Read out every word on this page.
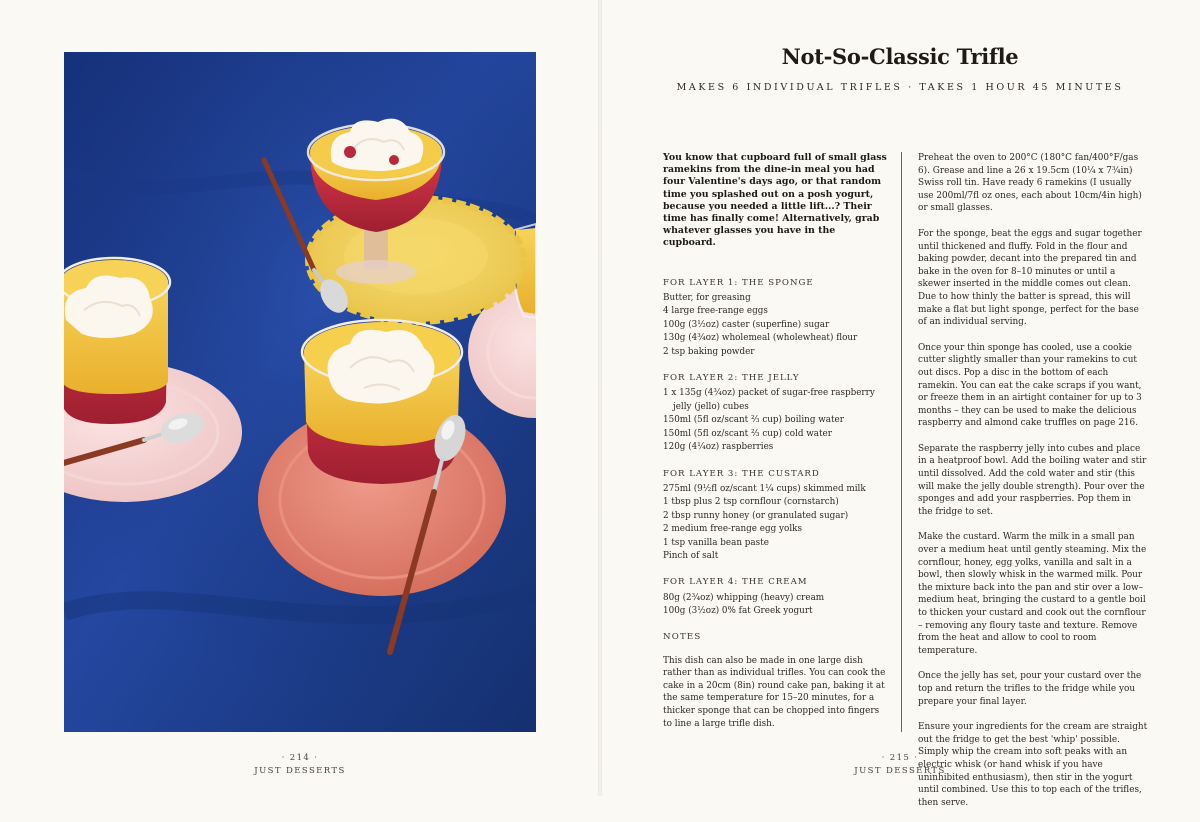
· 214 ·
JUST DESSERTS
Not-So-Classic Trifle
MAKES 6 INDIVIDUAL TRIFLES · TAKES 1 HOUR 45 MINUTES

You know that cupboard full of small glass ramekins from the dine-in meal you had four Valentine's days ago, or that random time you splashed out on a posh yogurt, because you needed a little lift...? Their time has finally come! Alternatively, grab whatever glasses you have in the cupboard.

FOR LAYER 1: THE SPONGE
Butter, for greasing
4 large free-range eggs
100g (3½oz) caster (superfine) sugar
130g (4¾oz) wholemeal (wholewheat) flour
2 tsp baking powder
FOR LAYER 2: THE JELLY
1 x 135g (4¾oz) packet of sugar-free raspberry jelly (jello) cubes
150ml (5fl oz/scant ⅔ cup) boiling water
150ml (5fl oz/scant ⅔ cup) cold water
120g (4¼oz) raspberries
FOR LAYER 3: THE CUSTARD
275ml (9½fl oz/scant 1¼ cups) skimmed milk
1 tbsp plus 2 tsp cornflour (cornstarch)
2 tbsp runny honey (or granulated sugar)
2 medium free-range egg yolks
1 tsp vanilla bean paste
Pinch of salt
FOR LAYER 4: THE CREAM
80g (2¾oz) whipping (heavy) cream
100g (3½oz) 0% fat Greek yogurt
NOTES

This dish can also be made in one large dish rather than as individual trifles. You can cook the cake in a 20cm (8in) round cake pan, baking it at the same temperature for 15–20 minutes, for a thicker sponge that can be chopped into fingers to line a large trifle dish.

Preheat the oven to 200°C (180°C fan/400°F/gas 6). Grease and line a 26 x 19.5cm (10¼ x 7¾in) Swiss roll tin. Have ready 6 ramekins (I usually use 200ml/7fl oz ones, each about 10cm/4in high) or small glasses.

For the sponge, beat the eggs and sugar together until thickened and fluffy. Fold in the flour and baking powder, decant into the prepared tin and bake in the oven for 8–10 minutes or until a skewer inserted in the middle comes out clean. Due to how thinly the batter is spread, this will make a flat but light sponge, perfect for the base of an individual serving.

Once your thin sponge has cooled, use a cookie cutter slightly smaller than your ramekins to cut out discs. Pop a disc in the bottom of each ramekin. You can eat the cake scraps if you want, or freeze them in an airtight container for up to 3 months – they can be used to make the delicious raspberry and almond cake truffles on page 216.

Separate the raspberry jelly into cubes and place in a heatproof bowl. Add the boiling water and stir until dissolved. Add the cold water and stir (this will make the jelly double strength). Pour over the sponges and add your raspberries. Pop them in the fridge to set.

Make the custard. Warm the milk in a small pan over a medium heat until gently steaming. Mix the cornflour, honey, egg yolks, vanilla and salt in a bowl, then slowly whisk in the warmed milk. Pour the mixture back into the pan and stir over a low–medium heat, bringing the custard to a gentle boil to thicken your custard and cook out the cornflour – removing any floury taste and texture. Remove from the heat and allow to cool to room temperature.

Once the jelly has set, pour your custard over the top and return the trifles to the fridge while you prepare your final layer.

Ensure your ingredients for the cream are straight out the fridge to get the best 'whip' possible. Simply whip the cream into soft peaks with an electric whisk (or hand whisk if you have uninhibited enthusiasm), then stir in the yogurt until combined. Use this to top each of the trifles, then serve.

· 215 ·
JUST DESSERTS
